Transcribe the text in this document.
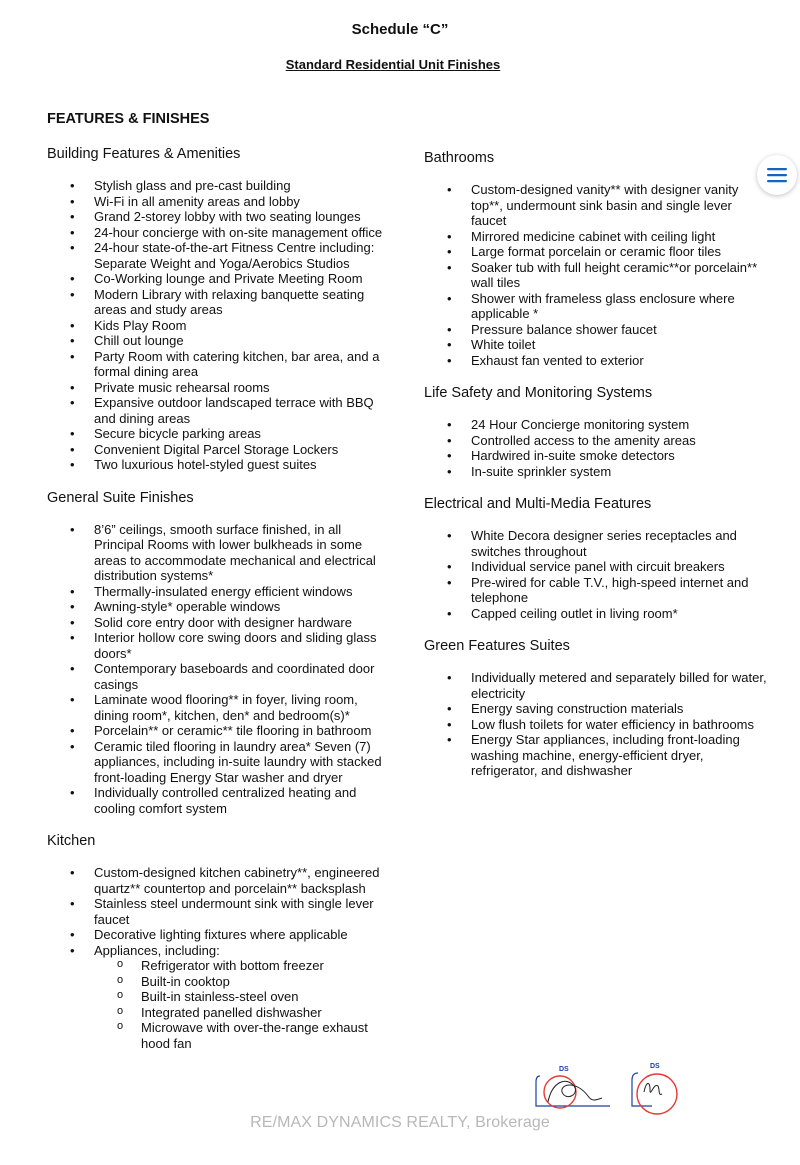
Schedule “C”
Standard Residential Unit Finishes
FEATURES & FINISHES
Building Features & Amenities
• Stylish glass and pre-cast building
• Wi-Fi in all amenity areas and lobby
• Grand 2-storey lobby with two seating lounges
• 24-hour concierge with on-site management office
• 24-hour state-of-the-art Fitness Centre including: Separate Weight and Yoga/Aerobics Studios
• Co-Working lounge and Private Meeting Room
• Modern Library with relaxing banquette seating areas and study areas
• Kids Play Room
• Chill out lounge
• Party Room with catering kitchen, bar area, and a formal dining area
• Private music rehearsal rooms
• Expansive outdoor landscaped terrace with BBQ and dining areas
• Secure bicycle parking areas
• Convenient Digital Parcel Storage Lockers
• Two luxurious hotel-styled guest suites
General Suite Finishes
• 8’6” ceilings, smooth surface finished, in all Principal Rooms with lower bulkheads in some areas to accommodate mechanical and electrical distribution systems*
• Thermally-insulated energy efficient windows
• Awning-style* operable windows
• Solid core entry door with designer hardware
• Interior hollow core swing doors and sliding glass doors*
• Contemporary baseboards and coordinated door casings
• Laminate wood flooring** in foyer, living room, dining room*, kitchen, den* and bedroom(s)*
• Porcelain** or ceramic** tile flooring in bathroom
• Ceramic tiled flooring in laundry area* Seven (7) appliances, including in-suite laundry with stacked front-loading Energy Star washer and dryer
• Individually controlled centralized heating and cooling comfort system
Kitchen
• Custom-designed kitchen cabinetry**, engineered quartz** countertop and porcelain** backsplash
• Stainless steel undermount sink with single lever faucet
• Decorative lighting fixtures where applicable
• Appliances, including:
o Refrigerator with bottom freezer
o Built-in cooktop
o Built-in stainless-steel oven
o Integrated panelled dishwasher
o Microwave with over-the-range exhaust hood fan
Bathrooms
• Custom-designed vanity** with designer vanity top**, undermount sink basin and single lever faucet
• Mirrored medicine cabinet with ceiling light
• Large format porcelain or ceramic floor tiles
• Soaker tub with full height ceramic**or porcelain** wall tiles
• Shower with frameless glass enclosure where applicable *
• Pressure balance shower faucet
• White toilet
• Exhaust fan vented to exterior
Life Safety and Monitoring Systems
• 24 Hour Concierge monitoring system
• Controlled access to the amenity areas
• Hardwired in-suite smoke detectors
• In-suite sprinkler system
Electrical and Multi-Media Features
• White Decora designer series receptacles and switches throughout
• Individual service panel with circuit breakers
• Pre-wired for cable T.V., high-speed internet and telephone
• Capped ceiling outlet in living room*
Green Features Suites
• Individually metered and separately billed for water, electricity
• Energy saving construction materials
• Low flush toilets for water efficiency in bathrooms
• Energy Star appliances, including front-loading washing machine, energy-efficient dryer, refrigerator, and dishwasher
DS	DS
RE/MAX DYNAMICS REALTY, Brokerage
